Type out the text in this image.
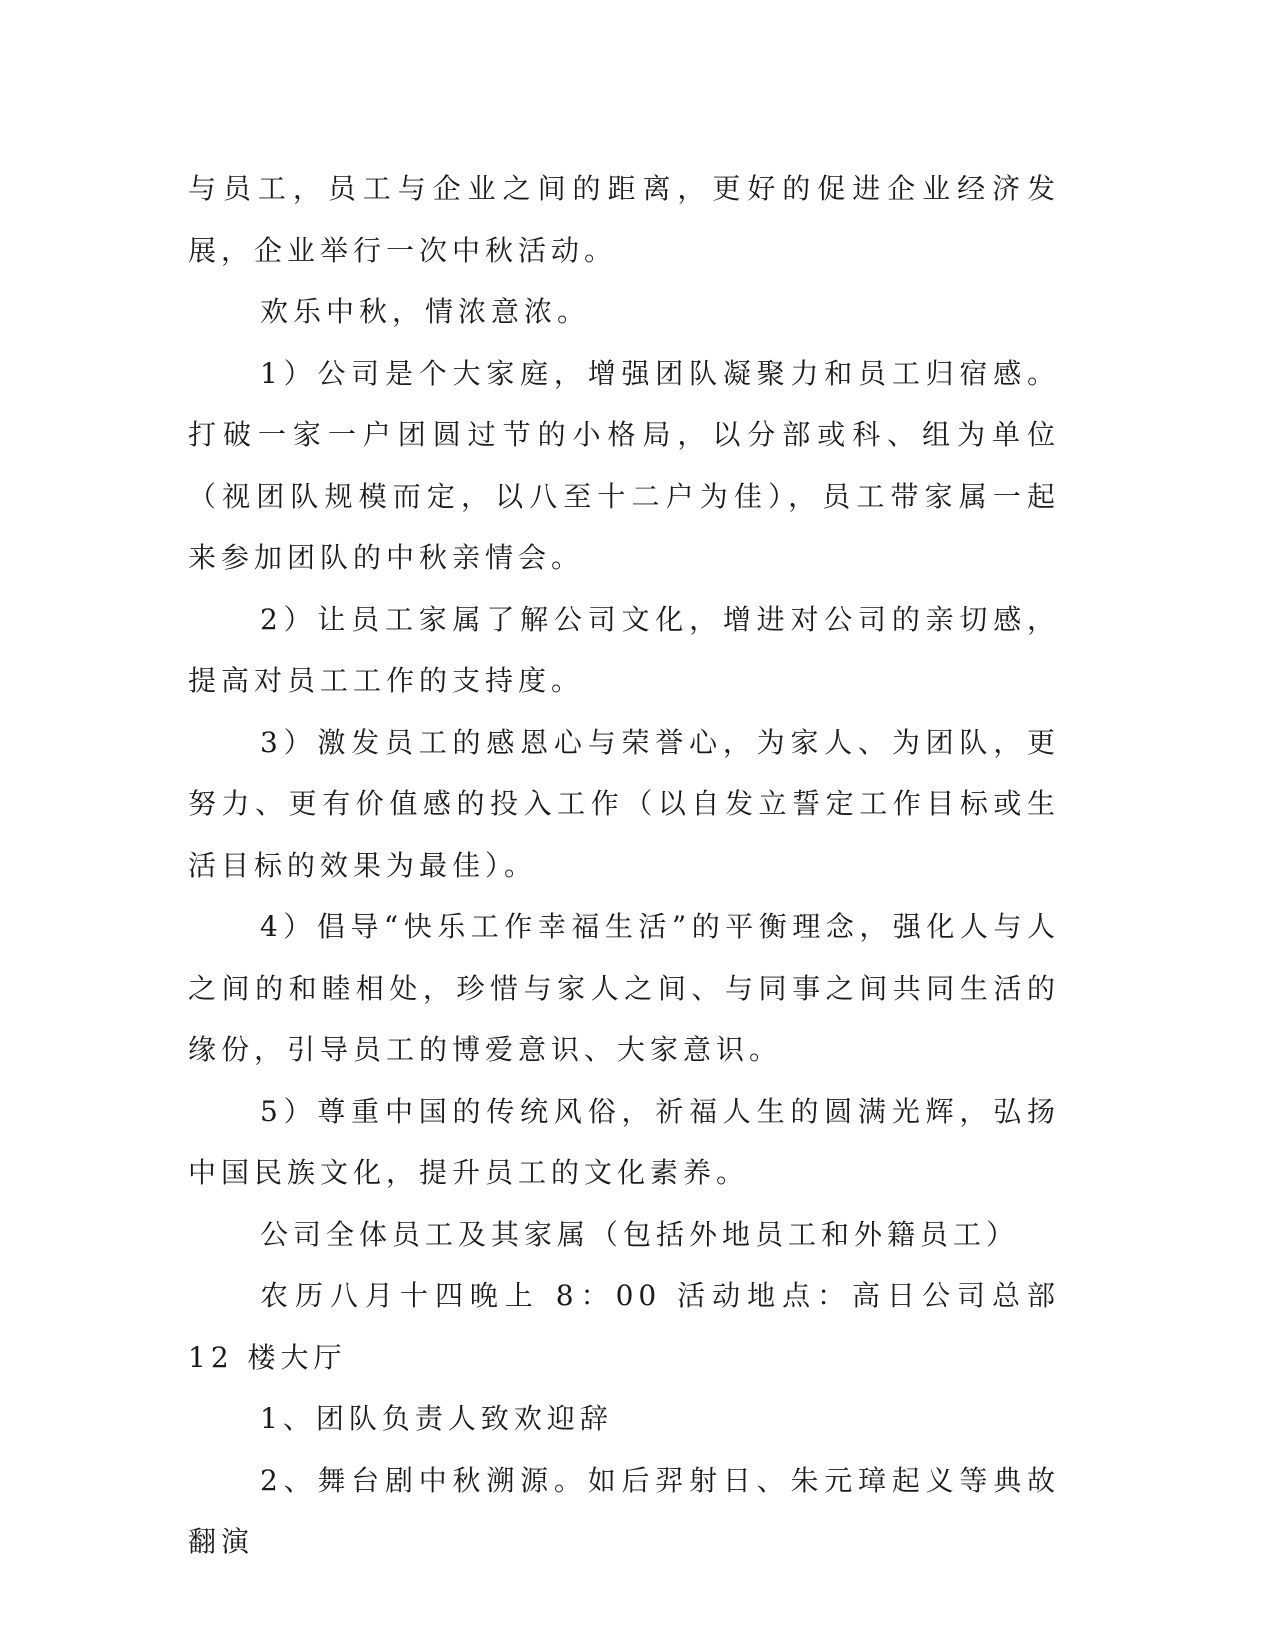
与员工，员工与企业之间的距离，更好的促进企业经济发展，企业举行一次中秋活动。

欢乐中秋，情浓意浓。

1）公司是个大家庭，增强团队凝聚力和员工归宿感。打破一家一户团圆过节的小格局，以分部或科、组为单位（视团队规模而定，以八至十二户为佳），员工带家属一起来参加团队的中秋亲情会。

2）让员工家属了解公司文化，增进对公司的亲切感，提高对员工工作的支持度。

3）激发员工的感恩心与荣誉心，为家人、为团队，更努力、更有价值感的投入工作（以自发立誓定工作目标或生活目标的效果为最佳）。

4）倡导“快乐工作幸福生活”的平衡理念，强化人与人之间的和睦相处，珍惜与家人之间、与同事之间共同生活的缘份，引导员工的博爱意识、大家意识。

5）尊重中国的传统风俗，祈福人生的圆满光辉，弘扬中国民族文化，提升员工的文化素养。

公司全体员工及其家属（包括外地员工和外籍员工）

农历八月十四晚上 8：00 活动地点：高日公司总部 12 楼大厅

1、团队负责人致欢迎辞

2、舞台剧中秋溯源。如后羿射日、朱元璋起义等典故翻演
